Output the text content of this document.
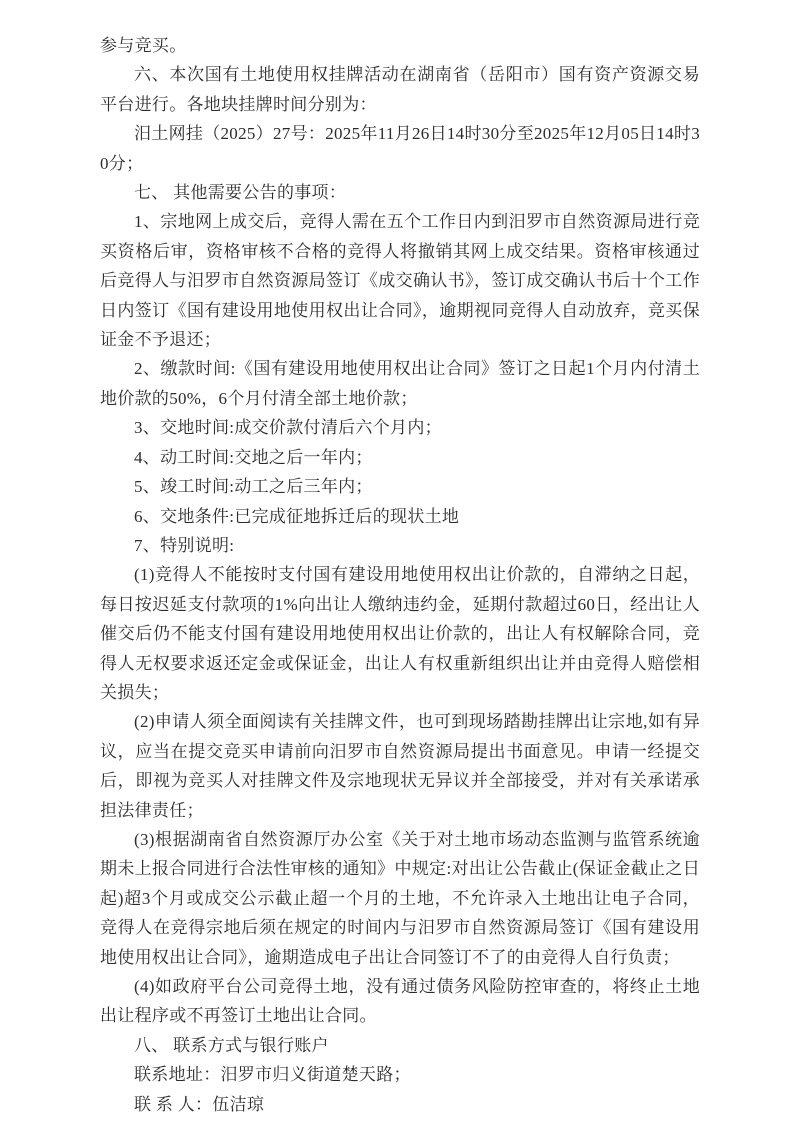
参与竞买。

六、本次国有土地使用权挂牌活动在湖南省（岳阳市）国有资产资源交易平台进行。各地块挂牌时间分别为：

汨土网挂（2025）27号：2025年11月26日14时30分至2025年12月05日14时30分；

七、 其他需要公告的事项：

1、宗地网上成交后，竞得人需在五个工作日内到汨罗市自然资源局进行竞买资格后审，资格审核不合格的竞得人将撤销其网上成交结果。资格审核通过后竞得人与汨罗市自然资源局签订《成交确认书》，签订成交确认书后十个工作日内签订《国有建设用地使用权出让合同》，逾期视同竞得人自动放弃，竞买保证金不予退还；

2、缴款时间:《国有建设用地使用权出让合同》签订之日起1个月内付清土地价款的50%，6个月付清全部土地价款；

3、交地时间:成交价款付清后六个月内；

4、动工时间:交地之后一年内；

5、竣工时间:动工之后三年内；

6、交地条件:已完成征地拆迁后的现状土地

7、特别说明:

(1)竞得人不能按时支付国有建设用地使用权出让价款的，自滞纳之日起，每日按迟延支付款项的1%向出让人缴纳违约金，延期付款超过60日，经出让人催交后仍不能支付国有建设用地使用权出让价款的，出让人有权解除合同，竞得人无权要求返还定金或保证金，出让人有权重新组织出让并由竞得人赔偿相关损失；

(2)申请人须全面阅读有关挂牌文件，也可到现场踏勘挂牌出让宗地,如有异议，应当在提交竞买申请前向汨罗市自然资源局提出书面意见。申请一经提交后，即视为竞买人对挂牌文件及宗地现状无异议并全部接受，并对有关承诺承担法律责任；

(3)根据湖南省自然资源厅办公室《关于对土地市场动态监测与监管系统逾期未上报合同进行合法性审核的通知》中规定:对出让公告截止(保证金截止之日起)超3个月或成交公示截止超一个月的土地，不允许录入土地出让电子合同，竞得人在竞得宗地后须在规定的时间内与汨罗市自然资源局签订《国有建设用地使用权出让合同》，逾期造成电子出让合同签订不了的由竞得人自行负责；

(4)如政府平台公司竞得土地，没有通过债务风险防控审查的，将终止土地出让程序或不再签订土地出让合同。

八、 联系方式与银行账户

联系地址：汨罗市归义街道楚天路；

联 系 人：伍洁琼
